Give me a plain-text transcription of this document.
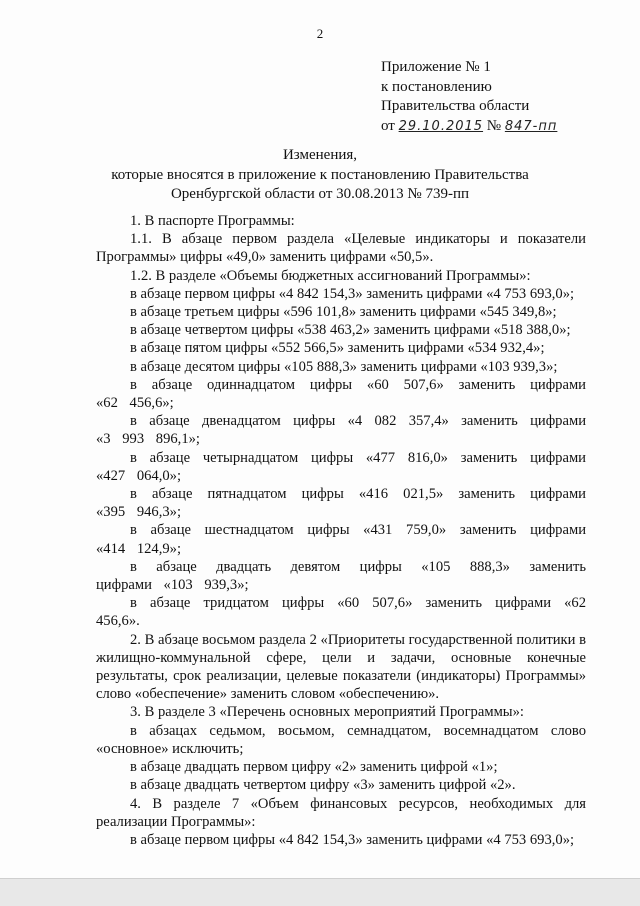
2
Приложение № 1
к постановлению
Правительства области
от 29.10.2015 № 847-пп
Изменения,
которые вносятся в приложение к постановлению Правительства
Оренбургской области от 30.08.2013 № 739-пп

1. В паспорте Программы:

1.1. В абзаце первом раздела «Целевые индикаторы и показатели Программы» цифры «49,0» заменить цифрами «50,5».

1.2. В разделе «Объемы бюджетных ассигнований Программы»:

в абзаце первом цифры «4 842 154,3» заменить цифрами «4 753 693,0»;

в абзаце третьем цифры «596 101,8» заменить цифрами «545 349,8»;

в абзаце четвертом цифры «538 463,2» заменить цифрами «518 388,0»;

в абзаце пятом цифры «552 566,5» заменить цифрами «534 932,4»;

в абзаце десятом цифры «105 888,3» заменить цифрами «103 939,3»;

в абзаце одиннадцатом цифры «60 507,6» заменить цифрами «62 456,6»;

в абзаце двенадцатом цифры «4 082 357,4» заменить цифрами «3 993 896,1»;

в абзаце четырнадцатом цифры «477 816,0» заменить цифрами «427 064,0»;

в абзаце пятнадцатом цифры «416 021,5» заменить цифрами «395 946,3»;

в абзаце шестнадцатом цифры «431 759,0» заменить цифрами «414 124,9»;

в абзаце двадцать девятом цифры «105 888,3» заменить цифрами «103 939,3»;

в абзаце тридцатом цифры «60 507,6» заменить цифрами «62 456,6».

2. В абзаце восьмом раздела 2 «Приоритеты государственной политики в жилищно-коммунальной сфере, цели и задачи, основные конечные результаты, срок реализации, целевые показатели (индикаторы) Программы» слово «обеспечение» заменить словом «обеспечению».

3. В разделе 3 «Перечень основных мероприятий Программы»:

в абзацах седьмом, восьмом, семнадцатом, восемнадцатом слово «основное» исключить;

в абзаце двадцать первом цифру «2» заменить цифрой «1»;

в абзаце двадцать четвертом цифру «3» заменить цифрой «2».

4. В разделе 7 «Объем финансовых ресурсов, необходимых для реализации Программы»:

в абзаце первом цифры «4 842 154,3» заменить цифрами «4 753 693,0»;
